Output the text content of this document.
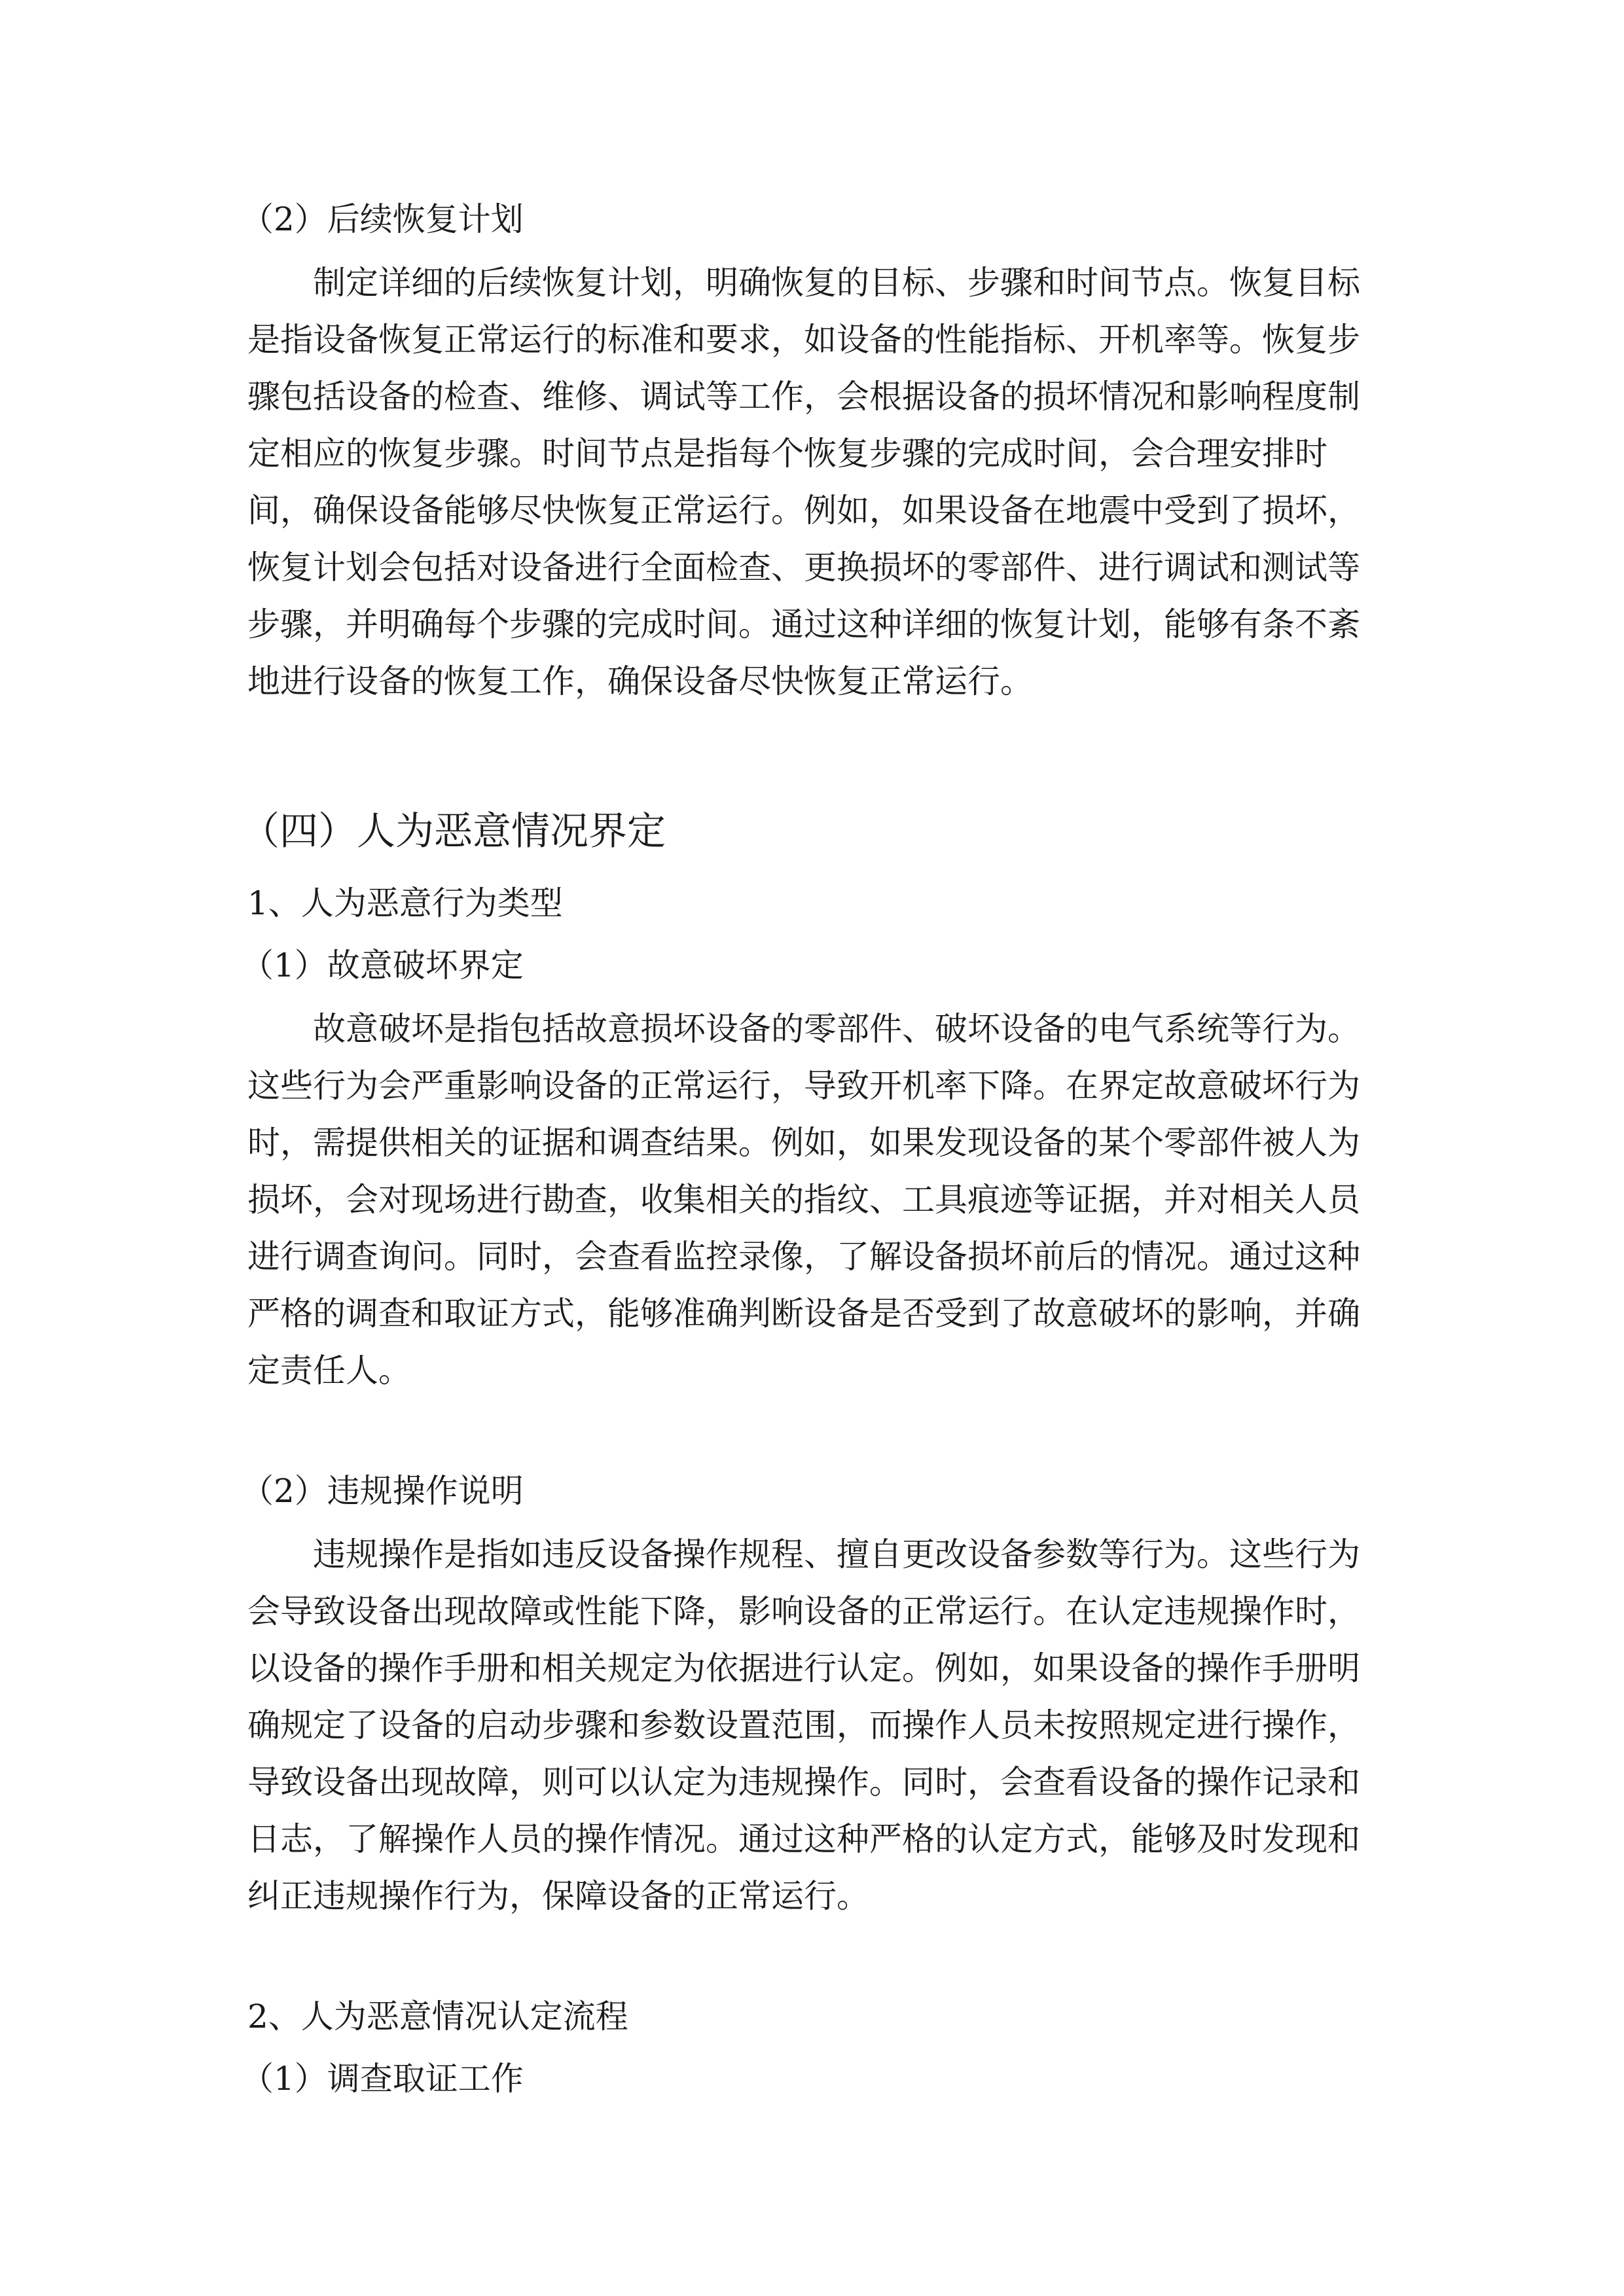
（2）后续恢复计划
制定详细的后续恢复计划，明确恢复的目标、步骤和时间节点。恢复目标
是指设备恢复正常运行的标准和要求，如设备的性能指标、开机率等。恢复步
骤包括设备的检查、维修、调试等工作，会根据设备的损坏情况和影响程度制
定相应的恢复步骤。时间节点是指每个恢复步骤的完成时间，会合理安排时
间，确保设备能够尽快恢复正常运行。例如，如果设备在地震中受到了损坏，
恢复计划会包括对设备进行全面检查、更换损坏的零部件、进行调试和测试等
步骤，并明确每个步骤的完成时间。通过这种详细的恢复计划，能够有条不紊
地进行设备的恢复工作，确保设备尽快恢复正常运行。
（四）人为恶意情况界定
1、人为恶意行为类型
（1）故意破坏界定
故意破坏是指包括故意损坏设备的零部件、破坏设备的电气系统等行为。
这些行为会严重影响设备的正常运行，导致开机率下降。在界定故意破坏行为
时，需提供相关的证据和调查结果。例如，如果发现设备的某个零部件被人为
损坏，会对现场进行勘查，收集相关的指纹、工具痕迹等证据，并对相关人员
进行调查询问。同时，会查看监控录像，了解设备损坏前后的情况。通过这种
严格的调查和取证方式，能够准确判断设备是否受到了故意破坏的影响，并确
定责任人。
（2）违规操作说明
违规操作是指如违反设备操作规程、擅自更改设备参数等行为。这些行为
会导致设备出现故障或性能下降，影响设备的正常运行。在认定违规操作时，
以设备的操作手册和相关规定为依据进行认定。例如，如果设备的操作手册明
确规定了设备的启动步骤和参数设置范围，而操作人员未按照规定进行操作，
导致设备出现故障，则可以认定为违规操作。同时，会查看设备的操作记录和
日志，了解操作人员的操作情况。通过这种严格的认定方式，能够及时发现和
纠正违规操作行为，保障设备的正常运行。
2、人为恶意情况认定流程
（1）调查取证工作
